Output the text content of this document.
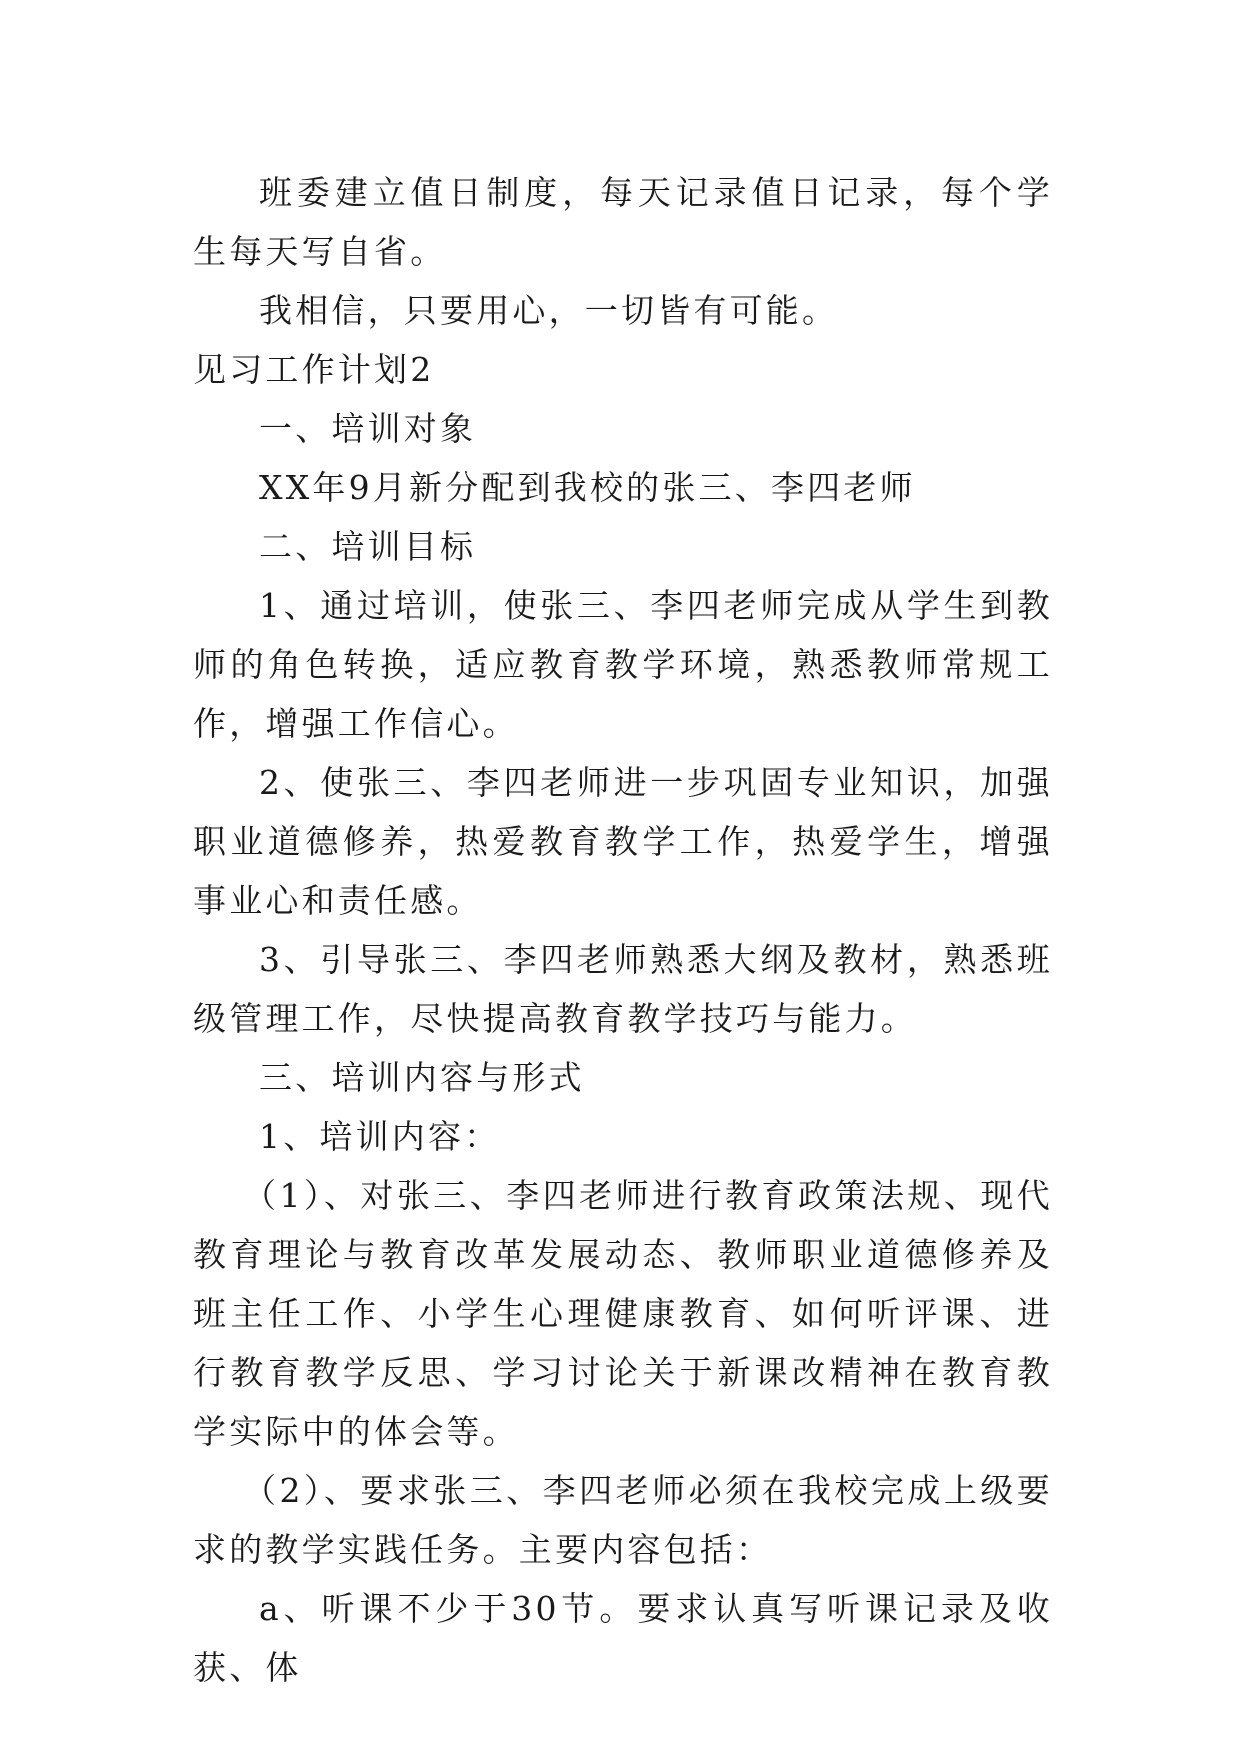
班委建立值日制度，每天记录值日记录，每个学生每天写自省。

我相信，只要用心，一切皆有可能。

见习工作计划2

一、培训对象

XX年9月新分配到我校的张三、李四老师

二、培训目标

1、通过培训，使张三、李四老师完成从学生到教师的角色转换，适应教育教学环境，熟悉教师常规工作，增强工作信心。

2、使张三、李四老师进一步巩固专业知识，加强职业道德修养，热爱教育教学工作，热爱学生，增强事业心和责任感。

3、引导张三、李四老师熟悉大纲及教材，熟悉班级管理工作，尽快提高教育教学技巧与能力。

三、培训内容与形式

1、培训内容：

（1）、对张三、李四老师进行教育政策法规、现代教育理论与教育改革发展动态、教师职业道德修养及班主任工作、小学生心理健康教育、如何听评课、进行教育教学反思、学习讨论关于新课改精神在教育教学实际中的体会等。

（2）、要求张三、李四老师必须在我校完成上级要求的教学实践任务。主要内容包括：

a、听课不少于30节。要求认真写听课记录及收获、体
